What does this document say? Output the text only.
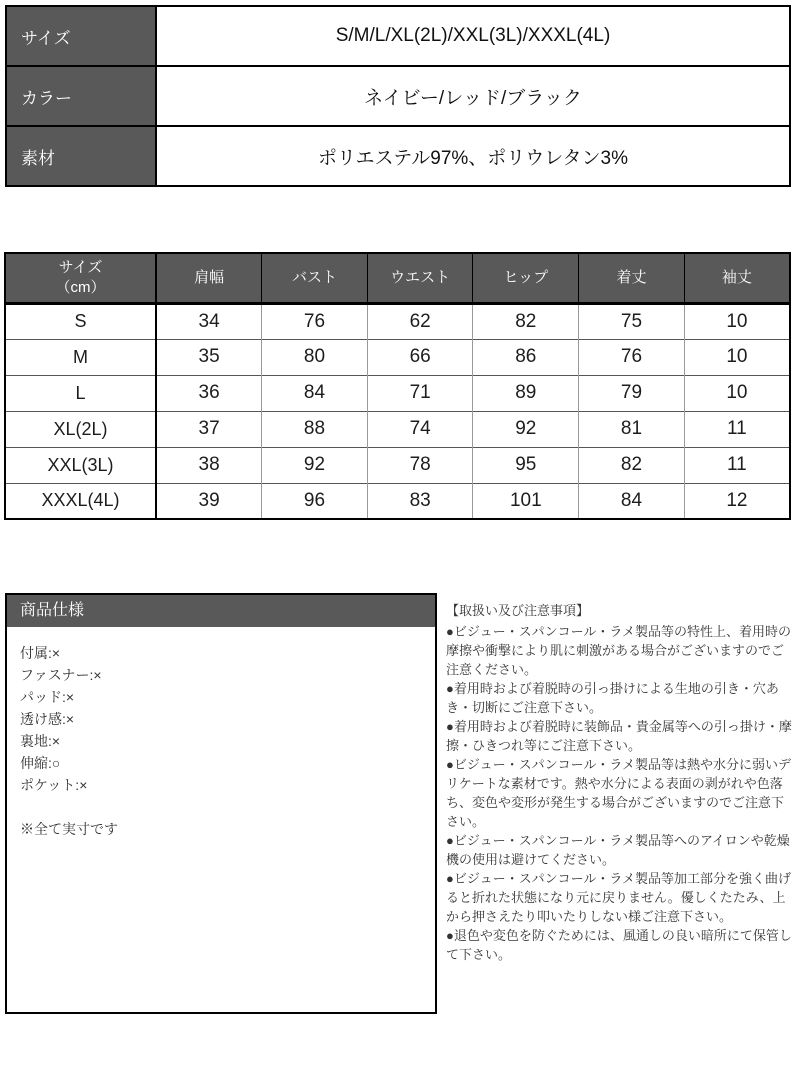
サイズ	S/M/L/XL(2L)/XXL(3L)/XXXL(4L)
カラー	ネイビー/レッド/ブラック
素材	ポリエステル97%、ポリウレタン3%
サイズ
（cm）	肩幅	バスト	ウエスト	ヒップ	着丈	袖丈
S	34	76	62	82	75	10
M	35	80	66	86	76	10
L	36	84	71	89	79	10
XL(2L)	37	88	74	92	81	11
XXL(3L)	38	92	78	95	82	11
XXXL(4L)	39	96	83	101	84	12
商品仕様
付属:×
ファスナー:×
パッド:×
透け感:×
裏地:×
伸縮:○
ポケット:×
※全て実寸です
【取扱い及び注意事項】

●ビジュー・スパンコール・ラメ製品等の特性上、着用時の摩擦や衝撃により肌に刺激がある場合がございますのでご注意ください。

●着用時および着脱時の引っ掛けによる生地の引き・穴あき・切断にご注意下さい。

●着用時および着脱時に装飾品・貴金属等への引っ掛け・摩擦・ひきつれ等にご注意下さい。

●ビジュー・スパンコール・ラメ製品等は熱や水分に弱いデリケートな素材です。熱や水分による表面の剥がれや色落ち、変色や変形が発生する場合がございますのでご注意下さい。

●ビジュー・スパンコール・ラメ製品等へのアイロンや乾燥機の使用は避けてください。

●ビジュー・スパンコール・ラメ製品等加工部分を強く曲げると折れた状態になり元に戻りません。優しくたたみ、上から押さえたり叩いたりしない様ご注意下さい。

●退色や変色を防ぐためには、風通しの良い暗所にて保管して下さい。
